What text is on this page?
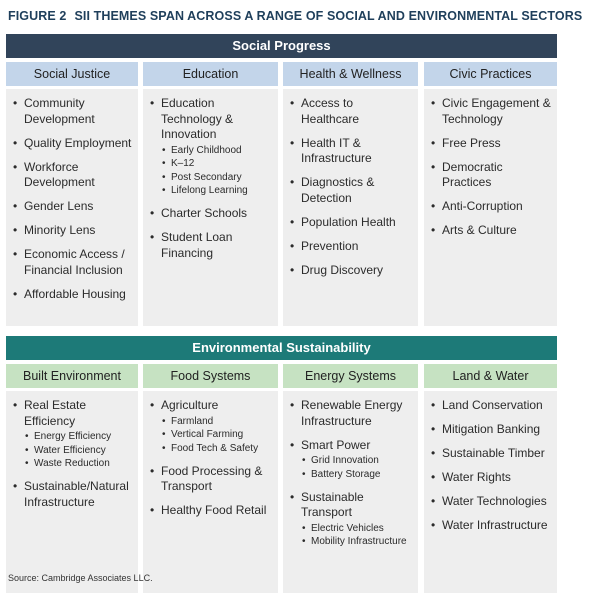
FIGURE 2 SII THEMES SPAN ACROSS A RANGE OF SOCIAL AND ENVIRONMENTAL SECTORS
Social Progress
Social Justice
• Community Development
• Quality Employment
• Workforce Development
• Gender Lens
• Minority Lens
• Economic Access / Financial Inclusion
• Affordable Housing
Education
• Education Technology & Innovation
• Early Childhood
• K–12
• Post Secondary
• Lifelong Learning
• Charter Schools
• Student Loan Financing
Health & Wellness
• Access to Healthcare
• Health IT & Infrastructure
• Diagnostics & Detection
• Population Health
• Prevention
• Drug Discovery
Civic Practices
• Civic Engagement & Technology
• Free Press
• Democratic Practices
• Anti-Corruption
• Arts & Culture
Environmental Sustainability
Built Environment
• Real Estate Efficiency
• Energy Efficiency
• Water Efficiency
• Waste Reduction
• Sustainable/Natural Infrastructure
Food Systems
• Agriculture
• Farmland
• Vertical Farming
• Food Tech & Safety
• Food Processing & Transport
• Healthy Food Retail
Energy Systems
• Renewable Energy Infrastructure
• Smart Power
• Grid Innovation
• Battery Storage
• Sustainable Transport
• Electric Vehicles
• Mobility Infrastructure
Land & Water
• Land Conservation
• Mitigation Banking
• Sustainable Timber
• Water Rights
• Water Technologies
• Water Infrastructure
Source: Cambridge Associates LLC.
